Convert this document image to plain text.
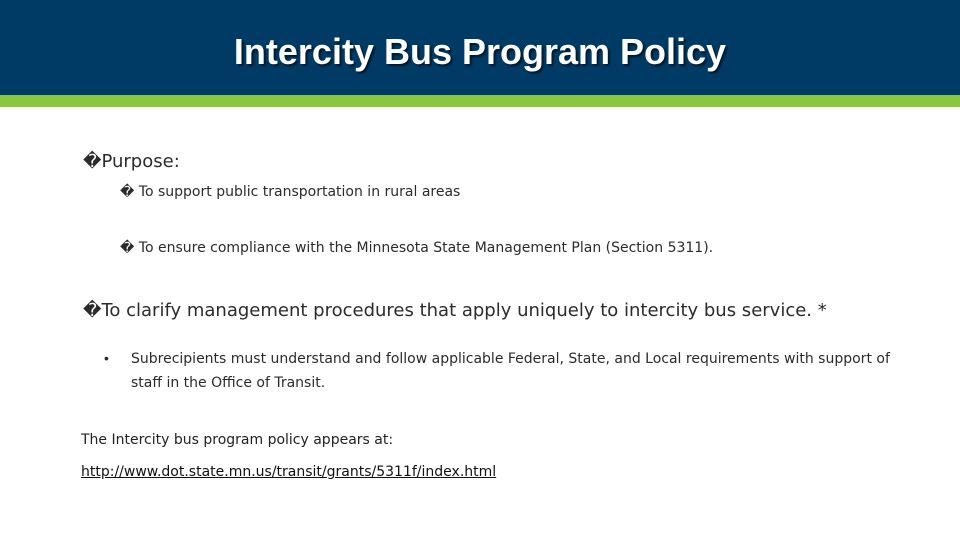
Intercity Bus Program Policy
�Purpose:
� To support public transportation in rural areas
� To ensure compliance with the Minnesota State Management Plan (Section 5311).
�To clarify management procedures that apply uniquely to intercity bus service. *
• Subrecipients must understand and follow applicable Federal, State, and Local requirements with support of staff in the Office of Transit.
The Intercity bus program policy appears at:
http://www.dot.state.mn.us/transit/grants/5311f/index.html
